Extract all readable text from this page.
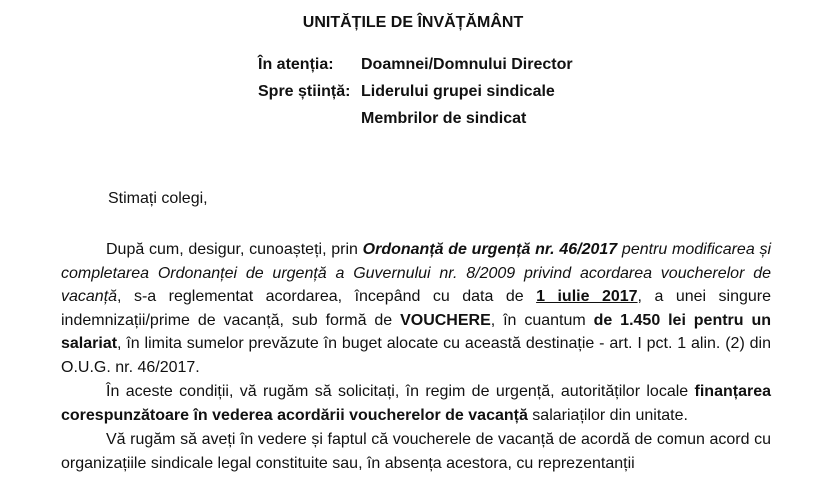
UNITĂȚILE DE ÎNVĂȚĂMÂNT
În atenția: Doamnei/Domnului Director
Spre știință: Liderului grupei sindicale
Membrilor de sindicat
Stimați colegi,

După cum, desigur, cunoașteți, prin Ordonanță de urgență nr. 46/2017 pentru modificarea și completarea Ordonanței de urgență a Guvernului nr. 8/2009 privind acordarea voucherelor de vacanță, s-a reglementat acordarea, începând cu data de 1 iulie 2017, a unei singure indemnizații/prime de vacanță, sub formă de VOUCHERE, în cuantum de 1.450 lei pentru un salariat, în limita sumelor prevăzute în buget alocate cu această destinație - art. I pct. 1 alin. (2) din O.U.G. nr. 46/2017.

În aceste condiții, vă rugăm să solicitați, în regim de urgență, autorităților locale finanțarea corespunzătoare în vederea acordării voucherelor de vacanță salariaților din unitate.

Vă rugăm să aveți în vedere și faptul că voucherele de vacanță de acordă de comun acord cu organizațiile sindicale legal constituite sau, în absența acestora, cu reprezentanții
